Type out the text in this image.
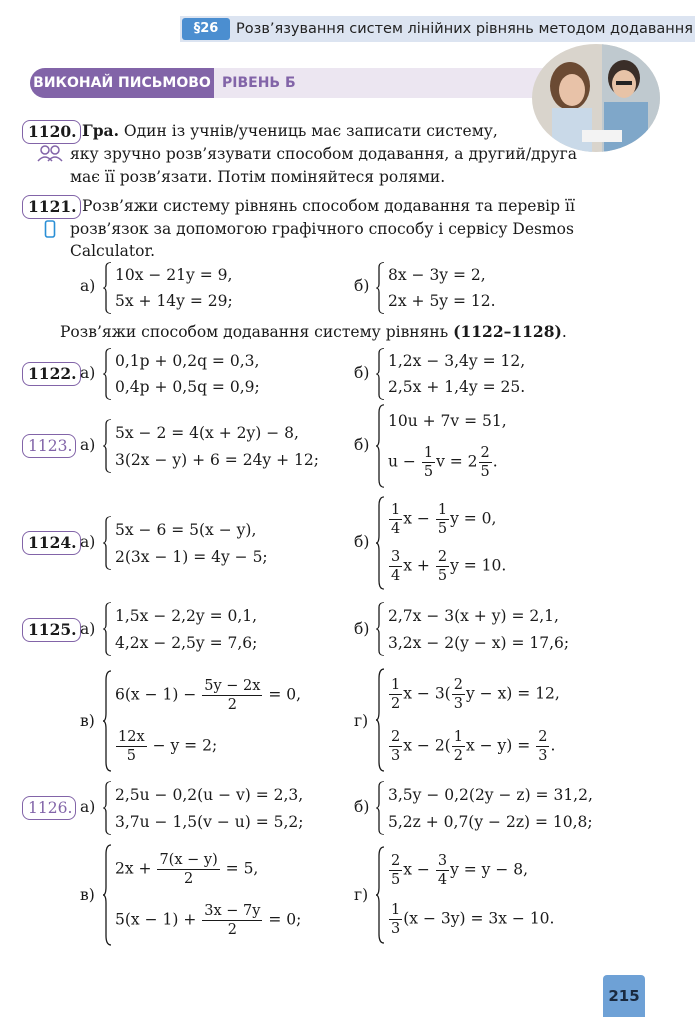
§26	Розв’язування систем лінійних рівнянь методом додавання
ВИКОНАЙ ПИСЬМОВО РІВЕНЬ Б
1120. Гра. Один із учнів/учениць має записати систему,
яку зручно розв’язувати способом додавання, а другий/друга
має її розв’язати. Потім поміняйтеся ролями.
1121. Розв’яжи систему рівнянь способом додавання та перевір її
розв’язок за допомогою графічного способу і сервісу Desmos
Calculator.
а)
10x − 21y = 9,
5x + 14y = 29;
б)
8x − 3y = 2,
2x + 5y = 12.
Розв’яжи способом додавання систему рівнянь (1122–1128).
1122. а)
0,1p + 0,2q = 0,3,
0,4p + 0,5q = 0,9;
б)
1,2x − 3,4y = 12,
2,5x + 1,4y = 25.
1123. а)
5x − 2 = 4(x + 2y) − 8,
3(2x − y) + 6 = 24y + 12;
б)
10u + 7v = 51,
$u - \frac{1}{5}$ $v = 2 \frac{2}{5}$ .
1124. а)
5x − 6 = 5(x − y),
2(3x − 1) = 4y − 5;
б)
$\frac{1}{4}$ $x - \frac{1}{5}$ y = 0,
$\frac{3}{4}$ $x + \frac{2}{5}$ y = 10.
1125. а)
1,5x − 2,2y = 0,1,
4,2x − 2,5y = 7,6;
б)
2,7x − 3(x + y) = 2,1,
3,2x − 2(y − x) = 17,6;
в)
$6(x - 1) - \frac{5y - 2x}{2} = 0$,
$\frac{12x}{5} - y = 2$;
г)
$\frac{1}{2}$ $x - 3( \frac{2}{3}$ y − x) = 12,
$\frac{2}{3}$ $x - 2( \frac{1}{2}$ $x - y) = \frac{2}{3}$ .
1126. а)
2,5u − 0,2(u − v) = 2,3,
3,7u − 1,5(v − u) = 5,2;
б)
3,5y − 0,2(2y − z) = 31,2,
5,2z + 0,7(y − 2z) = 10,8;
в)
$2x + \frac{7(x - y)}{2} = 5$,
$5(x - 1) + \frac{3x - 7y}{2} = 0$;
г)
$\frac{2}{5}$ $x - \frac{3}{4}$ y = y − 8,
$\frac{1}{3} (x - 3y) = 3x - 10$.
215
